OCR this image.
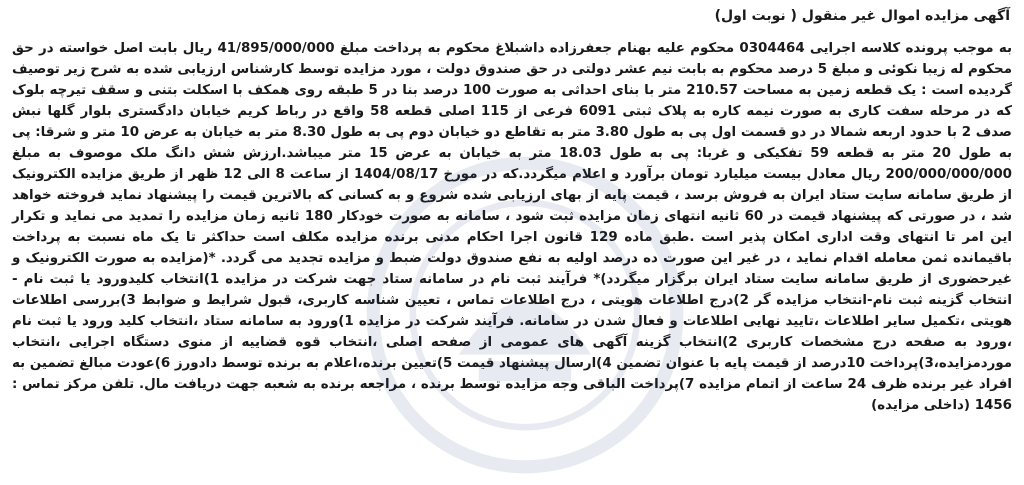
آگهی مزایده اموال غیر منقول ( نوبت اول)

به موجب پرونده کلاسه اجرایی 0304464 محکوم علیه بهنام جعفرزاده داشبلاغ محکوم به پرداخت مبلغ 41/895/000/000 ریال بابت اصل خواسته در حق محکوم له زیبا نکوئی و مبلغ 5 درصد محکوم به بابت نیم عشر دولتی در حق صندوق دولت ، مورد مزایده توسط کارشناس ارزیابی شده به شرح زیر توصیف گردیده است : یک قطعه زمین به مساحت 210.57 متر با بنای احداثی به صورت 100 درصد بنا در 5 طبقه روی همکف با اسکلت بتنی و سقف تیرچه بلوک که در مرحله سفت کاری به صورت نیمه کاره به پلاک ثبتی 6091 فرعی از 115 اصلی قطعه 58 واقع در رباط کریم خیابان دادگستری بلوار گلها نبش صدف 2 با حدود اربعه شمالا در دو قسمت اول پی به طول 3.80 متر به تقاطع دو خیابان دوم پی به طول 8.30 متر به خیابان به عرض 10 متر و شرقا: پی به طول 20 متر به قطعه 59 تفکیکی و غربا: پی به طول 18.03 متر به خیابان به عرض 15 متر میباشد.ارزش شش دانگ ملک موصوف به مبلغ 200/000/000/000 ریال معادل بیست میلیارد تومان برآورد و اعلام میگردد.که در مورخ 1404/08/17 از ساعت 8 الی 12 ظهر از طریق مزایده الکترونیک از طریق سامانه سایت ستاد ایران به فروش برسد ، قیمت پایه از بهای ارزیابی شده شروع و به کسانی که بالاترین قیمت را پیشنهاد نماید فروخته خواهد شد ، در صورتی که پیشنهاد قیمت در 60 ثانیه انتهای زمان مزایده ثبت شود ، سامانه به صورت خودکار 180 ثانیه زمان مزایده را تمدید می نماید و تکرار این امر تا انتهای وقت اداری امکان پذیر است .طبق ماده 129 قانون اجرا احکام مدنی برنده مزایده مکلف است حداکثر تا یک ماه نسبت به پرداخت باقیمانده ثمن معامله اقدام نماید ، در غیر این صورت ده درصد اولیه به نفع صندوق دولت ضبط و مزایده تجدید می گردد. *(مزایده به صورت الکترونیک و غیرحضوری از طریق سامانه سایت ستاد ایران برگزار میگردد)* فرآیند ثبت نام در سامانه ستاد جهت شرکت در مزایده 1)انتخاب کلیدورود یا ثبت نام - انتخاب گزینه ثبت نام-انتخاب مزایده گر 2)درج اطلاعات هویتی ، درج اطلاعات تماس ، تعیین شناسه کاربری، قبول شرایط و ضوابط 3)بررسی اطلاعات هویتی ،تکمیل سایر اطلاعات ،تایید نهایی اطلاعات و فعال شدن در سامانه. فرآیند شرکت در مزایده 1)ورود به سامانه ستاد ،انتخاب کلید ورود یا ثبت نام ،ورود به صفحه درج مشخصات کاربری 2)انتخاب گزینه آگهی های عمومی از صفحه اصلی ،انتخاب قوه قضاییه از منوی دستگاه اجرایی ،انتخاب موردمزایده،3)پرداخت 10درصد از قیمت پایه با عنوان تضمین 4)ارسال پیشنهاد قیمت 5)تعیین برنده،اعلام به برنده توسط دادورز 6)عودت مبالغ تضمین به افراد غیر برنده ظرف 24 ساعت از اتمام مزایده 7)پرداخت الباقی وجه مزایده توسط برنده ، مراجعه برنده به شعبه جهت دریافت مال. تلفن مرکز تماس : 1456 (داخلی مزایده)
